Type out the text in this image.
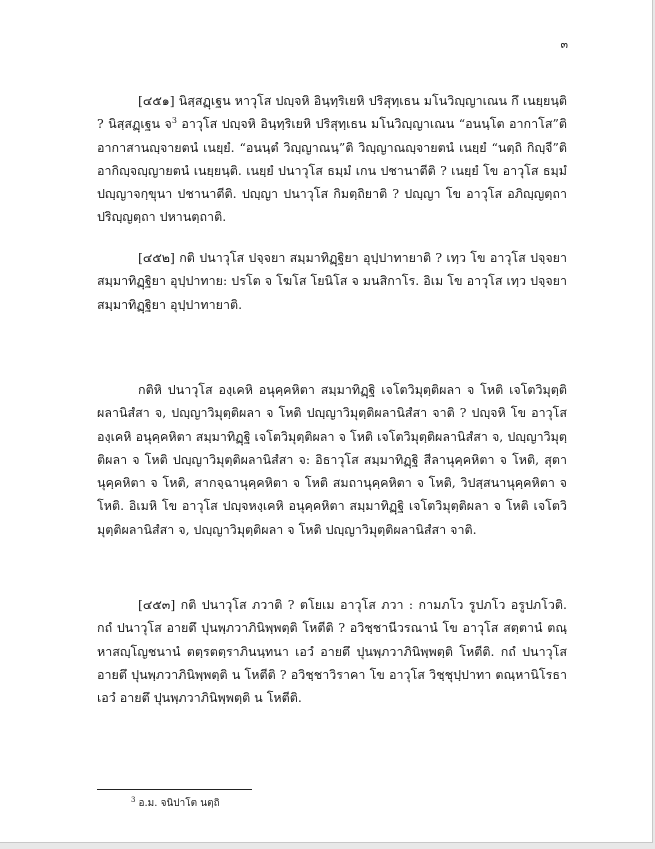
๓

[๔๕๑] นิสฺสฏฺเฐน หาวุโส ปญฺจหิ อินฺทฺริเยหิ ปริสุทฺเธน มโนวิญฺญาเณน กึ เนยฺยนฺติ ? นิสฺสฏฺเฐน จ$^3$ อาวุโส ปญฺจหิ อินฺทฺริเยหิ ปริสุทฺเธน มโนวิญฺญาเณน “อนนฺโต อากาโส”ติ อากาสานญฺจายตนํ เนยฺยํ. “อนนฺตํ วิญฺญาณนฺ”ติ วิญฺญาณญฺจายตนํ เนยฺยํ “นตฺถิ กิญฺจี”ติ อากิญฺจญฺญายตนํ เนยฺยนฺติ. เนยฺยํ ปนาวุโส ธมฺมํ เกน ปชานาตีติ ? เนยฺยํ โข อาวุโส ธมฺมํ ปญฺญาจกฺขุนา ปชานาตีติ. ปญฺญา ปนาวุโส กิมตฺถิยาติ ? ปญฺญา โข อาวุโส อภิญฺญตฺถา ปริญฺญตฺถา ปหานตฺถาติ.

[๔๕๒] กติ ปนาวุโส ปจฺจยา สมฺมาทิฏฺฐิยา อุปฺปาทายาติ ? เทฺว โข อาวุโส ปจฺจยา สมฺมาทิฏฺฐิยา อุปฺปาทาย: ปรโต จ โฆโส โยนิโส จ มนสิกาโร. อิเม โข อาวุโส เทฺว ปจฺจยา สมฺมาทิฏฺฐิยา อุปฺปาทายาติ.

กติหิ ปนาวุโส องฺเคหิ อนุคฺคหิตา สมฺมาทิฏฺฐิ เจโตวิมุตฺติผลา จ โหติ เจโตวิมุตฺติผลานิสํสา จ, ปญฺญาวิมุตฺติผลา จ โหติ ปญฺญาวิมุตฺติผลานิสํสา จาติ ? ปญฺจหิ โข อาวุโส องฺเคหิ อนุคฺคหิตา สมฺมาทิฏฺฐิ เจโตวิมุตฺติผลา จ โหติ เจโตวิมุตฺติผลานิสํสา จ, ปญฺญาวิมุตฺติผลา จ โหติ ปญฺญาวิมุตฺติผลานิสํสา จ: อิธาวุโส สมฺมาทิฏฺฐิ สีลานุคฺคหิตา จ โหติ, สุตานุคฺคหิตา จ โหติ, สากจฺฉานุคฺคหิตา จ โหติ สมถานุคฺคหิตา จ โหติ, วิปสฺสนานุคฺคหิตา จ โหติ. อิเมหิ โข อาวุโส ปญฺจหงฺเคหิ อนุคฺคหิตา สมฺมาทิฏฺฐิ เจโตวิมุตฺติผลา จ โหติ เจโตวิมุตฺติผลานิสํสา จ, ปญฺญาวิมุตฺติผลา จ โหติ ปญฺญาวิมุตฺติผลานิสํสา จาติ.

[๔๕๓] กติ ปนาวุโส ภวาติ ? ตโยเม อาวุโส ภวา : กามภโว รูปภโว อรูปภโวติ. กถํ ปนาวุโส อายตึ ปุนพฺภวาภินิพฺพตฺติ โหตีติ ? อวิชฺชานีวรณานํ โข อาวุโส สตฺตานํ ตณฺหาสญฺโญชนานํ ตตฺรตตฺราภินนฺทนา เอวํ อายตึ ปุนพฺภวาภินิพฺพตฺติ โหตีติ. กถํ ปนาวุโส อายตึ ปุนพฺภวาภินิพฺพตฺติ น โหตีติ ? อวิชฺชาวิราคา โข อาวุโส วิชฺชุปฺปาทา ตณฺหานิโรธา เอวํ อายตึ ปุนพฺภวาภินิพฺพตฺติ น โหตีติ.

$^3$ อ.ม. จนิปาโต นตฺถิ
